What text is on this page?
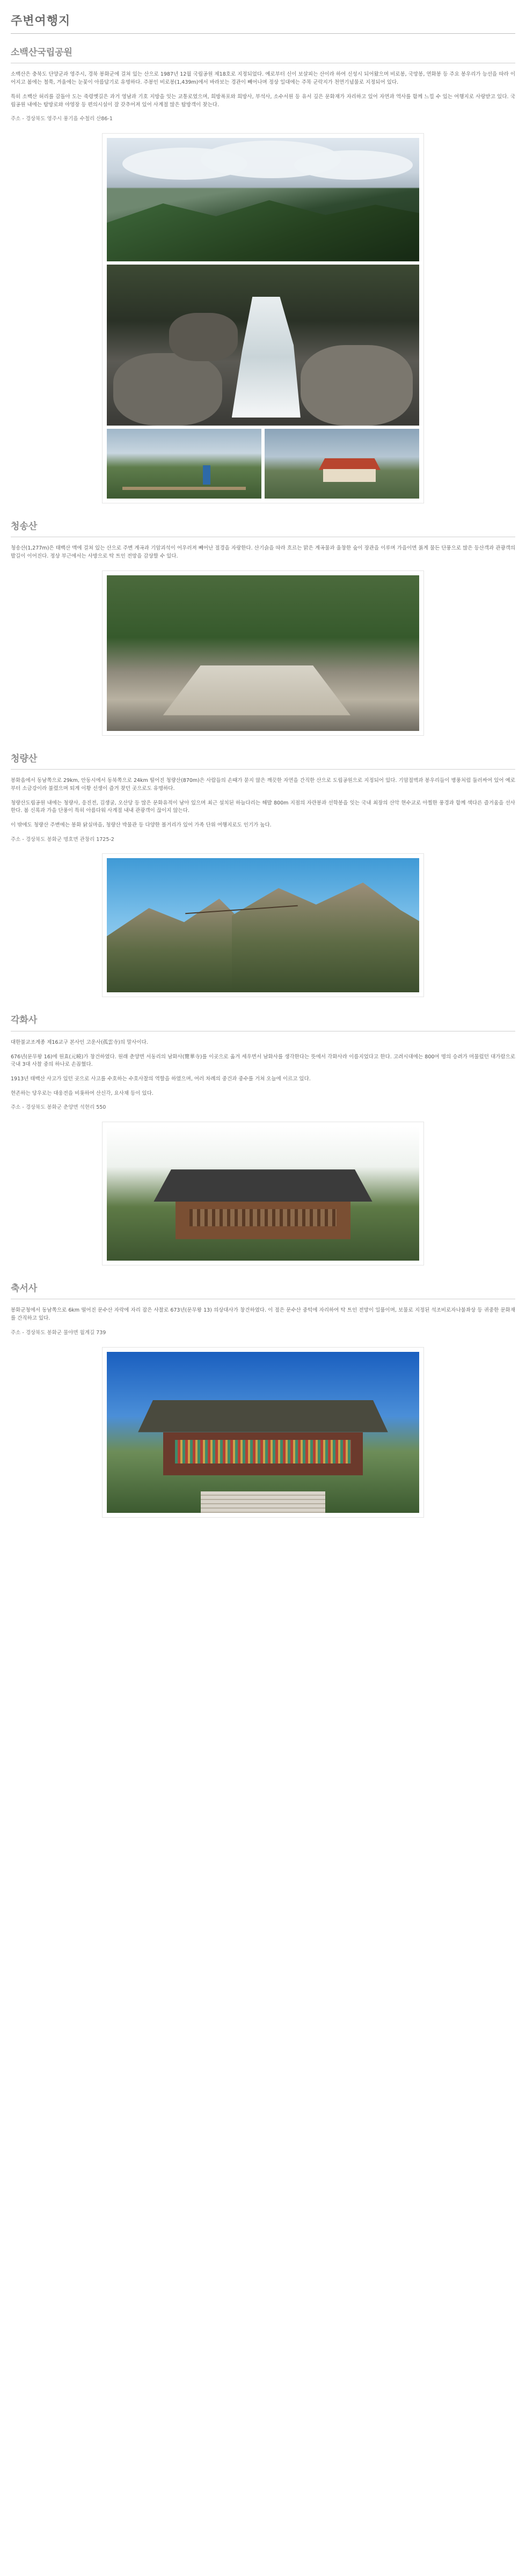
주변여행지
소백산국립공원

소백산은 충북도 단양군과 영주시, 경북 봉화군에 걸쳐 있는 산으로 1987년 12월 국립공원 제18호로 지정되었다. 예로부터 신이 보살피는 산이라 하여 신성시 되어왔으며 비로봉, 국망봉, 연화봉 등 주요 봉우리가 능선을 따라 이어지고 봄에는 철쭉, 겨울에는 눈꽃이 아름답기로 유명하다. 주봉인 비로봉(1,439m)에서 바라보는 경관이 빼어나며 정상 일대에는 주목 군락지가 천연기념물로 지정되어 있다.

특히 소백산 허리를 감돌아 도는 죽령옛길은 과거 영남과 기호 지방을 잇는 교통로였으며, 희방폭포와 희방사, 부석사, 소수서원 등 유서 깊은 문화재가 자리하고 있어 자연과 역사를 함께 느낄 수 있는 여행지로 사랑받고 있다. 국립공원 내에는 탐방로와 야영장 등 편의시설이 잘 갖추어져 있어 사계절 많은 탐방객이 찾는다.

주소 - 경상북도 영주시 풍기읍 수철리 산86-1

청송산

청송산(1,277m)은 태백산 맥에 걸쳐 있는 산으로 주변 계곡과 기암괴석이 어우러져 빼어난 절경을 자랑한다. 산기슭을 따라 흐르는 맑은 계곡물과 울창한 숲이 장관을 이루며 가을이면 붉게 물든 단풍으로 많은 등산객과 관광객의 발길이 이어진다. 정상 부근에서는 사방으로 탁 트인 전망을 감상할 수 있다.

청량산

봉화읍에서 동남쪽으로 29km, 안동시에서 동북쪽으로 24km 떨어진 청량산(870m)은 사람들의 손때가 묻지 않은 깨끗한 자연을 간직한 산으로 도립공원으로 지정되어 있다. 기암절벽과 봉우리들이 병풍처럼 둘러싸여 있어 예로부터 소금강이라 불렸으며 퇴계 이황 선생이 즐겨 찾던 곳으로도 유명하다.

청량산도립공원 내에는 청량사, 응진전, 김생굴, 오산당 등 많은 문화유적이 남아 있으며 최근 설치된 하늘다리는 해발 800m 지점의 자란봉과 선학봉을 잇는 국내 최장의 산악 현수교로 아찔한 풍경과 함께 색다른 즐거움을 선사한다. 봄 신록과 가을 단풍이 특히 아름다워 사계절 내내 관광객이 끊이지 않는다.

이 밖에도 청량산 주변에는 봉화 닭실마을, 청량산 박물관 등 다양한 볼거리가 있어 가족 단위 여행지로도 인기가 높다.

주소 - 경상북도 봉화군 명호면 관창리 1725-2

각화사

대한불교조계종 제16교구 본사인 고운사(孤雲寺)의 말사이다.

676년(문무왕 16)에 원효(元曉)가 창건하였다. 원래 춘양면 서동리의 남화사(覽華寺)를 이곳으로 옮겨 세우면서 남화사를 생각한다는 뜻에서 각화사라 이름지었다고 한다. 고려시대에는 800여 명의 승려가 머물렀던 대가람으로 국내 3대 사찰 중의 하나로 손꼽혔다.

1913년 태백산 사고가 있던 곳으로 사고를 수호하는 수호사찰의 역할을 하였으며, 여러 차례의 중건과 중수를 거쳐 오늘에 이르고 있다.

현존하는 당우로는 대웅전을 비롯하여 산신각, 요사채 등이 있다.

주소 - 경상북도 봉화군 춘양면 석현리 550

축서사

봉화군청에서 동남쪽으로 6km 떨어진 문수산 자락에 자리 잡은 사찰로 673년(문무왕 13) 의상대사가 창건하였다. 이 절은 문수산 중턱에 자리하여 탁 트인 전망이 일품이며, 보물로 지정된 석조비로자나불좌상 등 귀중한 문화재를 간직하고 있다.

주소 - 경상북도 봉화군 물야면 월계길 739
